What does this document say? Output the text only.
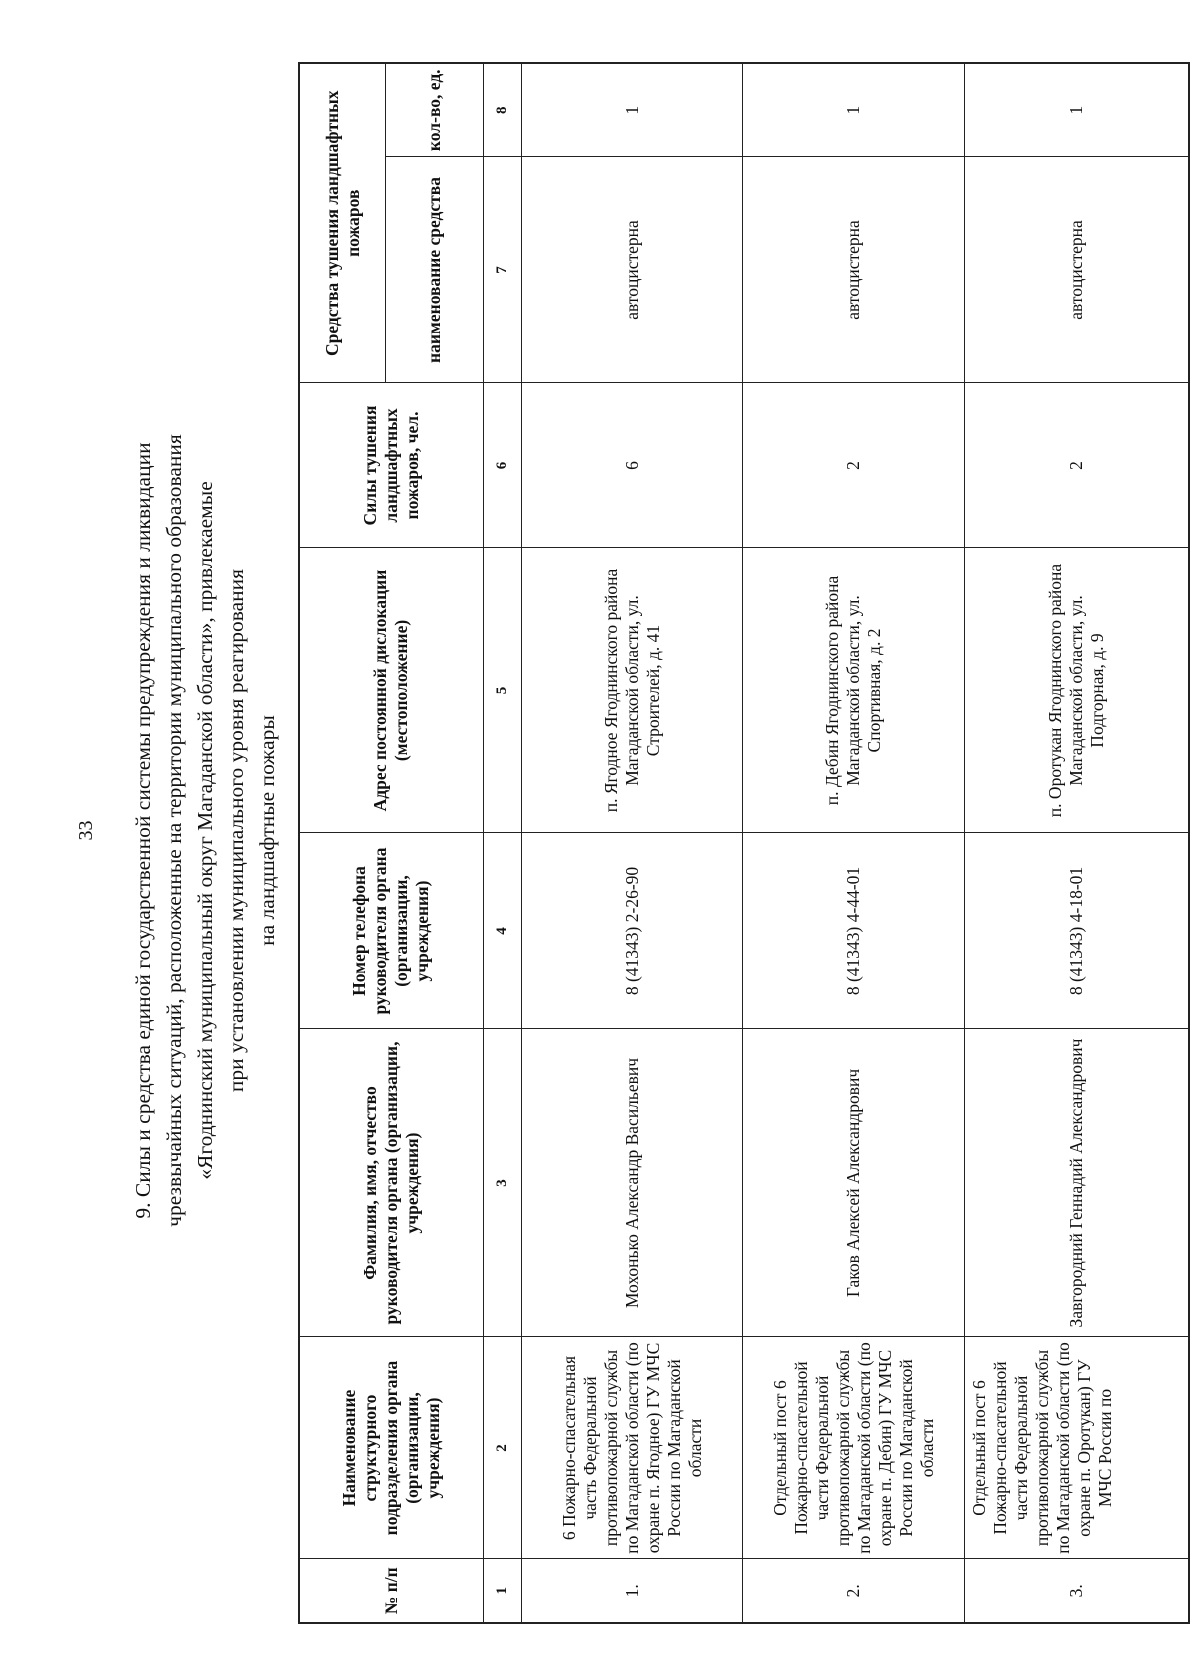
33 9. Силы и средства единой государственной системы предупреждения и ликвидации чрезвычайных ситуаций, расположенные на территории муниципального образования «Ягоднинский муниципальный округ Магаданской области», привлекаемые при установлении муниципального уровня реагирования на ландшафтные пожары
№ п/п	Наименование структурного подразделения органа (организации, учреждения)	Фамилия, имя, отчество руководителя органа (организации, учреждения)	Номер телефона руководителя органа (организации, учреждения)	Адрес постоянной дислокации (местоположение)	Силы тушения ландшафтных пожаров, чел.	Средства тушения ландшафтных пожаров	
						наименование средства	кол-во, ед.
1	2	3	4	5	6	7	8
1.	6 Пожарно-спасательная часть Федеральной противопожарной службы по Магаданской области (по охране п. Ягодное) ГУ МЧС России по Магаданской области	Мохонько Александр Васильевич	8 (41343) 2-26-90	п. Ягодное Ягоднинского района Магаданской области, ул. Строителей, д. 41	6	автоцистерна	1
2.	Отдельный пост 6 Пожарно-спасательной части Федеральной противопожарной службы по Магаданской области (по охране п. Дебин) ГУ МЧС России по Магаданской области	Гаков Алексей Александрович	8 (41343) 4-44-01	п. Дебин Ягоднинского района Магаданской области, ул. Спортивная, д. 2	2	автоцистерна	1
3.	Отдельный пост 6 Пожарно-спасательной части Федеральной противопожарной службы по Магаданской области (по охране п. Оротукан) ГУ МЧС России по	Завгородний Геннадий Александрович	8 (41343) 4-18-01	п. Оротукан Ягоднинского района Магаданской области, ул. Подгорная, д. 9	2	автоцистерна	1
